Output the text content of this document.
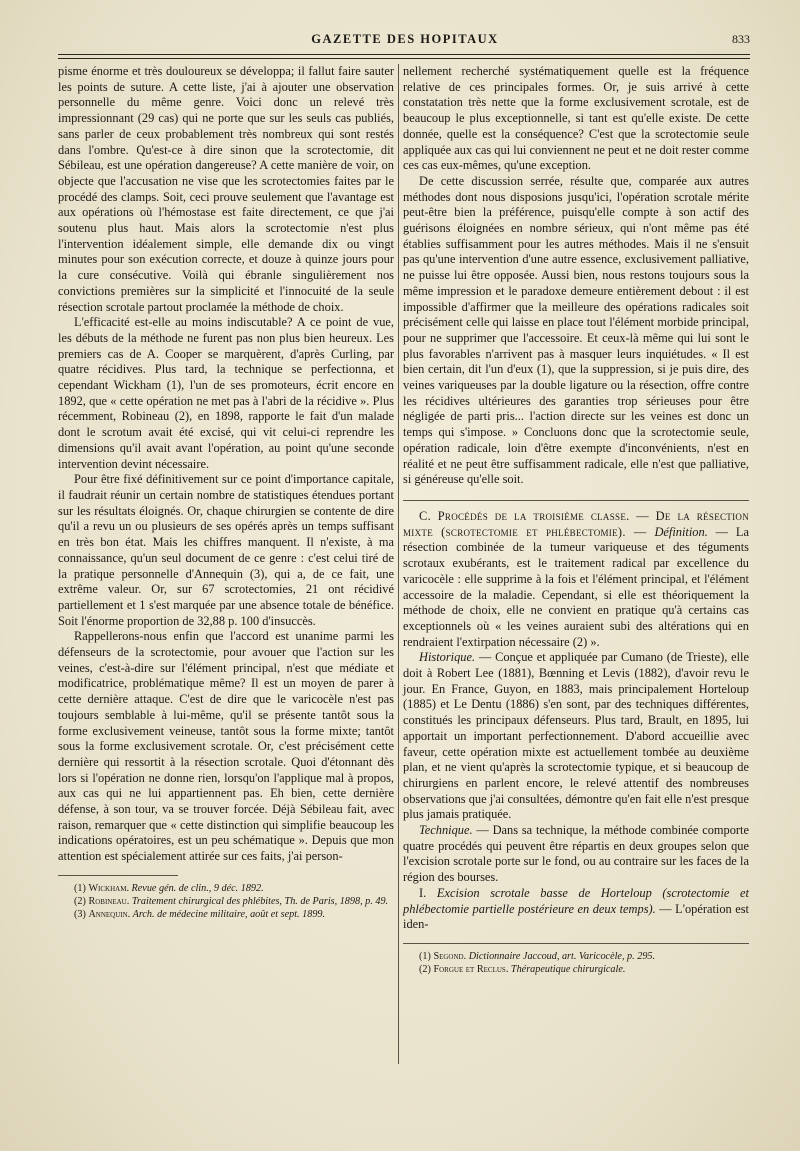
GAZETTE DES HOPITAUX	833

pisme énorme et très douloureux se développa; il fallut faire sauter les points de suture. A cette liste, j'ai à ajouter une observation personnelle du même genre. Voici donc un relevé très impressionnant (29 cas) qui ne porte que sur les seuls cas publiés, sans parler de ceux probablement très nombreux qui sont restés dans l'ombre. Qu'est-ce à dire sinon que la scrotectomie, dit Sébileau, est une opération dangereuse? A cette manière de voir, on objecte que l'accusation ne vise que les scrotectomies faites par le procédé des clamps. Soit, ceci prouve seulement que l'avantage est aux opérations où l'hémostase est faite directement, ce que j'ai soutenu plus haut. Mais alors la scrotectomie n'est plus l'intervention idéalement simple, elle demande dix ou vingt minutes pour son exécution correcte, et douze à quinze jours pour la cure consécutive. Voilà qui ébranle singulièrement nos convictions premières sur la simplicité et l'innocuité de la seule résection scrotale partout proclamée la méthode de choix.

L'efficacité est-elle au moins indiscutable? A ce point de vue, les débuts de la méthode ne furent pas non plus bien heureux. Les premiers cas de A. Cooper se marquèrent, d'après Curling, par quatre récidives. Plus tard, la technique se perfectionna, et cependant Wickham (1), l'un de ses promoteurs, écrit encore en 1892, que « cette opération ne met pas à l'abri de la récidive ». Plus récemment, Robineau (2), en 1898, rapporte le fait d'un malade dont le scrotum avait été excisé, qui vit celui-ci reprendre les dimensions qu'il avait avant l'opération, au point qu'une seconde intervention devint nécessaire.

Pour être fixé définitivement sur ce point d'importance capitale, il faudrait réunir un certain nombre de statistiques étendues portant sur les résultats éloignés. Or, chaque chirurgien se contente de dire qu'il a revu un ou plusieurs de ses opérés après un temps suffisant en très bon état. Mais les chiffres manquent. Il n'existe, à ma connaissance, qu'un seul document de ce genre : c'est celui tiré de la pratique personnelle d'Annequin (3), qui a, de ce fait, une extrême valeur. Or, sur 67 scrotectomies, 21 ont récidivé partiellement et 1 s'est marquée par une absence totale de bénéfice. Soit l'énorme proportion de 32,88 p. 100 d'insuccès.

Rappellerons-nous enfin que l'accord est unanime parmi les défenseurs de la scrotectomie, pour avouer que l'action sur les veines, c'est-à-dire sur l'élément principal, n'est que médiate et modificatrice, problématique même? Il est un moyen de parer à cette dernière attaque. C'est de dire que le varicocèle n'est pas toujours semblable à lui-même, qu'il se présente tantôt sous la forme exclusivement veineuse, tantôt sous la forme mixte; tantôt sous la forme exclusivement scrotale. Or, c'est précisément cette dernière qui ressortit à la résection scrotale. Quoi d'étonnant dès lors si l'opération ne donne rien, lorsqu'on l'applique mal à propos, aux cas qui ne lui appartiennent pas. Eh bien, cette dernière défense, à son tour, va se trouver forcée. Déjà Sébileau fait, avec raison, remarquer que « cette distinction qui simplifie beaucoup les indications opératoires, est un peu schématique ». Depuis que mon attention est spécialement attirée sur ces faits, j'ai person-

(1) Wickham. Revue gén. de clin., 9 déc. 1892.

(2) Robineau. Traitement chirurgical des phlébites, Th. de Paris, 1898, p. 49.

(3) Annequin. Arch. de médecine militaire, août et sept. 1899.

nellement recherché systématiquement quelle est la fréquence relative de ces principales formes. Or, je suis arrivé à cette constatation très nette que la forme exclusivement scrotale, est de beaucoup le plus exceptionnelle, si tant est qu'elle existe. De cette donnée, quelle est la conséquence? C'est que la scrotectomie seule appliquée aux cas qui lui conviennent ne peut et ne doit rester comme ces cas eux-mêmes, qu'une exception.

De cette discussion serrée, résulte que, comparée aux autres méthodes dont nous disposions jusqu'ici, l'opération scrotale mérite peut-être bien la préférence, puisqu'elle compte à son actif des guérisons éloignées en nombre sérieux, qui n'ont même pas été établies suffisamment pour les autres méthodes. Mais il ne s'ensuit pas qu'une intervention d'une autre essence, exclusivement palliative, ne puisse lui être opposée. Aussi bien, nous restons toujours sous la même impression et le paradoxe demeure entièrement debout : il est impossible d'affirmer que la meilleure des opérations radicales soit précisément celle qui laisse en place tout l'élément morbide principal, pour ne supprimer que l'accessoire. Et ceux-là même qui lui sont le plus favorables n'arrivent pas à masquer leurs inquiétudes. « Il est bien certain, dit l'un d'eux (1), que la suppression, si je puis dire, des veines variqueuses par la double ligature ou la résection, offre contre les récidives ultérieures des garanties trop sérieuses pour être négligée de parti pris... l'action directe sur les veines est donc un temps qui s'impose. » Concluons donc que la scrotectomie seule, opération radicale, loin d'être exempte d'inconvénients, n'est en réalité et ne peut être suffisamment radicale, elle n'est que palliative, si généreuse qu'elle soit.

C. Procédés de la troisième classe. — De la résection mixte (scrotectomie et phlébectomie). — Définition. — La résection combinée de la tumeur variqueuse et des téguments scrotaux exubérants, est le traitement radical par excellence du varicocèle : elle supprime à la fois et l'élément principal, et l'élément accessoire de la maladie. Cependant, si elle est théoriquement la méthode de choix, elle ne convient en pratique qu'à certains cas exceptionnels où « les veines auraient subi des altérations qui en rendraient l'extirpation nécessaire (2) ».

Historique. — Conçue et appliquée par Cumano (de Trieste), elle doit à Robert Lee (1881), Bœnning et Levis (1882), d'avoir revu le jour. En France, Guyon, en 1883, mais principalement Horteloup (1885) et Le Dentu (1886) s'en sont, par des techniques différentes, constitués les principaux défenseurs. Plus tard, Brault, en 1895, lui apportait un important perfectionnement. D'abord accueillie avec faveur, cette opération mixte est actuellement tombée au deuxième plan, et ne vient qu'après la scrotectomie typique, et si beaucoup de chirurgiens en parlent encore, le relevé attentif des nombreuses observations que j'ai consultées, démontre qu'en fait elle n'est presque plus jamais pratiquée.

Technique. — Dans sa technique, la méthode combinée comporte quatre procédés qui peuvent être répartis en deux groupes selon que l'excision scrotale porte sur le fond, ou au contraire sur les faces de la région des bourses.

I. Excision scrotale basse de Horteloup (scrotectomie et phlébectomie partielle postérieure en deux temps). — L'opération est iden-

(1) Segond. Dictionnaire Jaccoud, art. Varicocèle, p. 295.

(2) Forgue et Reclus. Thérapeutique chirurgicale.
